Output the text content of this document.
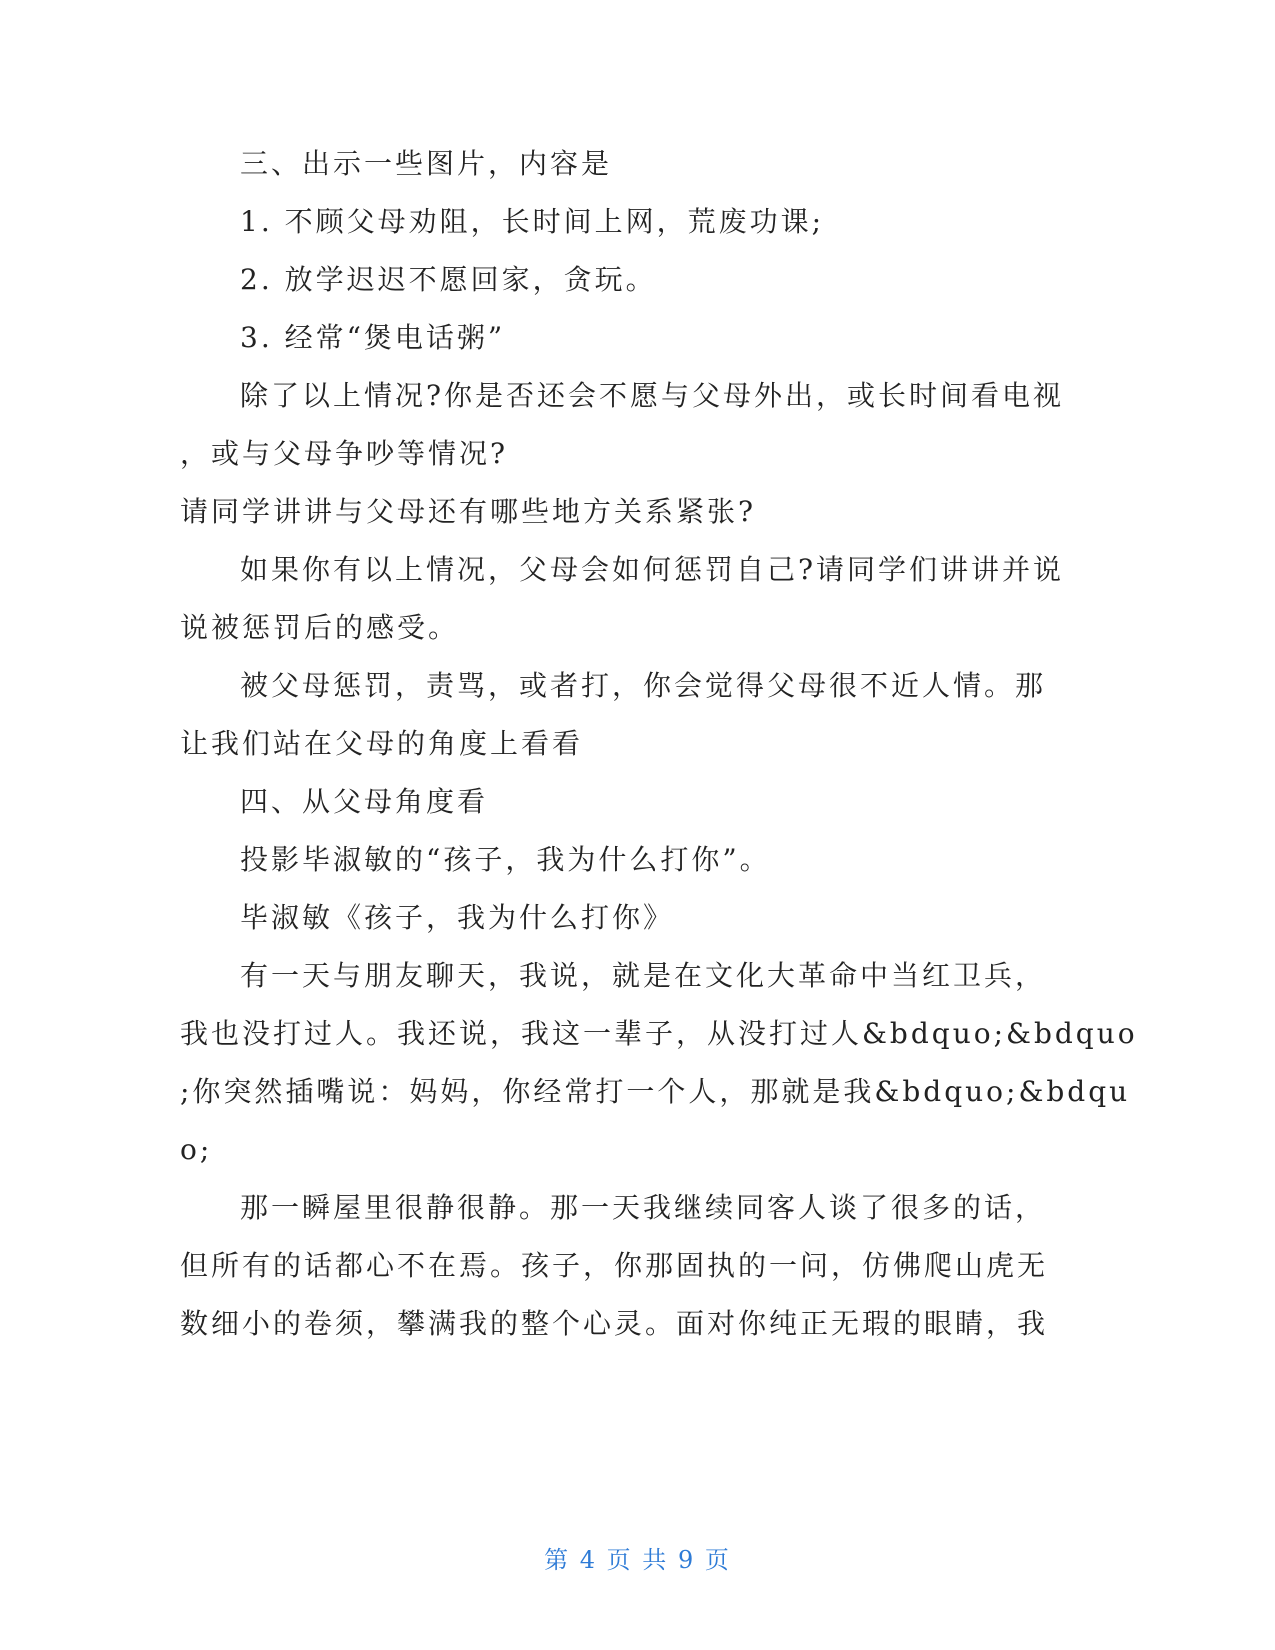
三、出示一些图片，内容是
1. 不顾父母劝阻，长时间上网，荒废功课;
2. 放学迟迟不愿回家，贪玩。
3. 经常“煲电话粥”
除了以上情况?你是否还会不愿与父母外出，或长时间看电视
，或与父母争吵等情况?
请同学讲讲与父母还有哪些地方关系紧张?
如果你有以上情况，父母会如何惩罚自己?请同学们讲讲并说
说被惩罚后的感受。
被父母惩罚，责骂，或者打，你会觉得父母很不近人情。那
让我们站在父母的角度上看看
四、从父母角度看
投影毕淑敏的“孩子，我为什么打你”。
毕淑敏《孩子，我为什么打你》
有一天与朋友聊天，我说，就是在文化大革命中当红卫兵，
我也没打过人。我还说，我这一辈子，从没打过人&bdquo;&bdquo
;你突然插嘴说：妈妈，你经常打一个人，那就是我&bdquo;&bdqu
o;
那一瞬屋里很静很静。那一天我继续同客人谈了很多的话，
但所有的话都心不在焉。孩子，你那固执的一问，仿佛爬山虎无
数细小的卷须，攀满我的整个心灵。面对你纯正无瑕的眼睛，我
第 4 页 共 9 页
